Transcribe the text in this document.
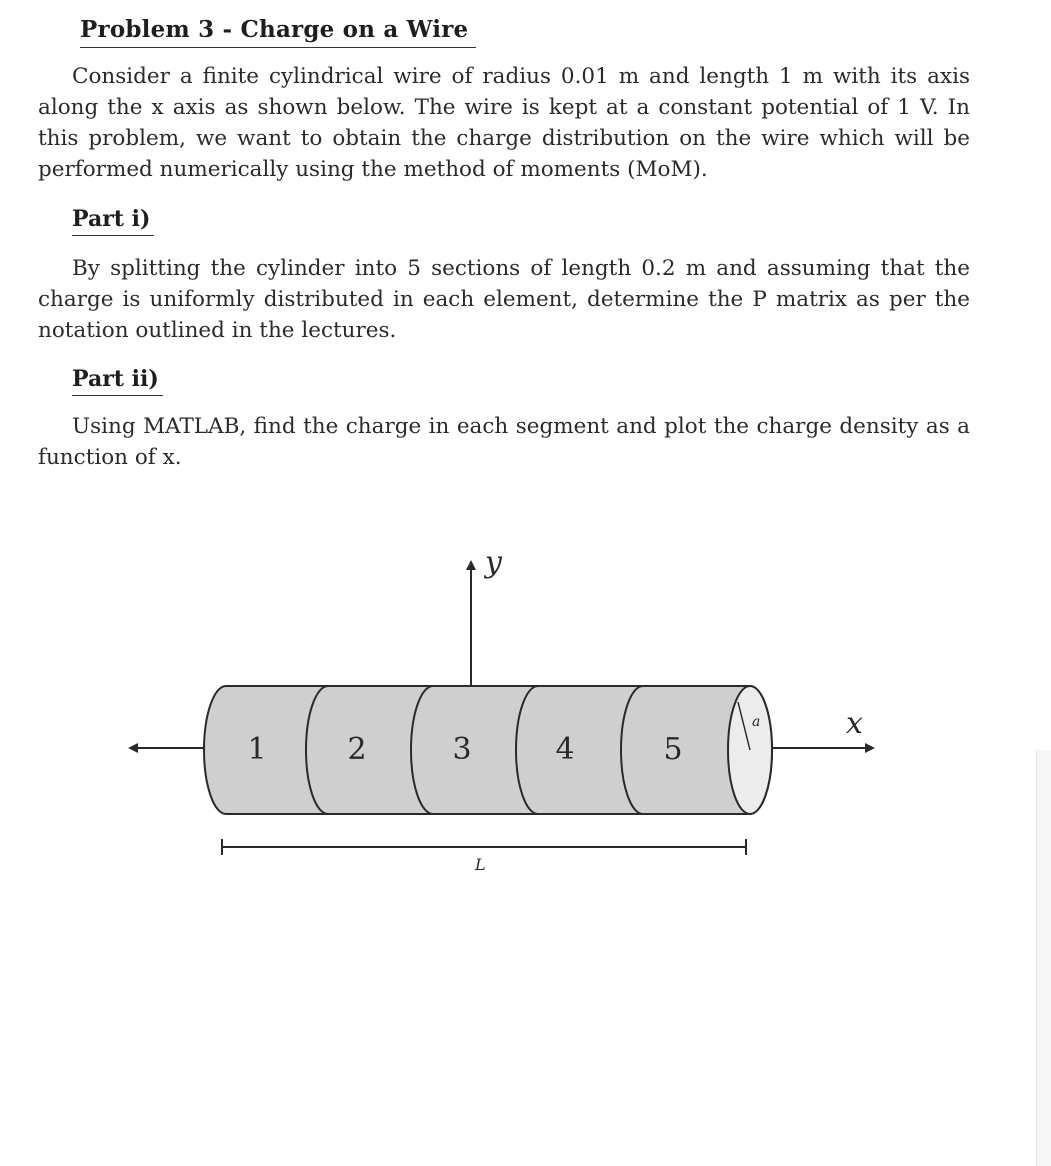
Problem 3 - Charge on a Wire
Consider a finite cylindrical wire of radius 0.01 m and length 1 m with its axis along the x axis as shown below. The wire is kept at a constant potential of 1 V. In this problem, we want to obtain the charge distribution on the wire which will be performed numerically using the method of moments (MoM).
Part i)
By splitting the cylinder into 5 sections of length 0.2 m and assuming that the charge is uniformly distributed in each element, determine the P matrix as per the notation outlined in the lectures.
Part ii)
Using MATLAB, find the charge in each segment and plot the charge density as a function of x.
y
x
a
1	2	3	4	5
L
